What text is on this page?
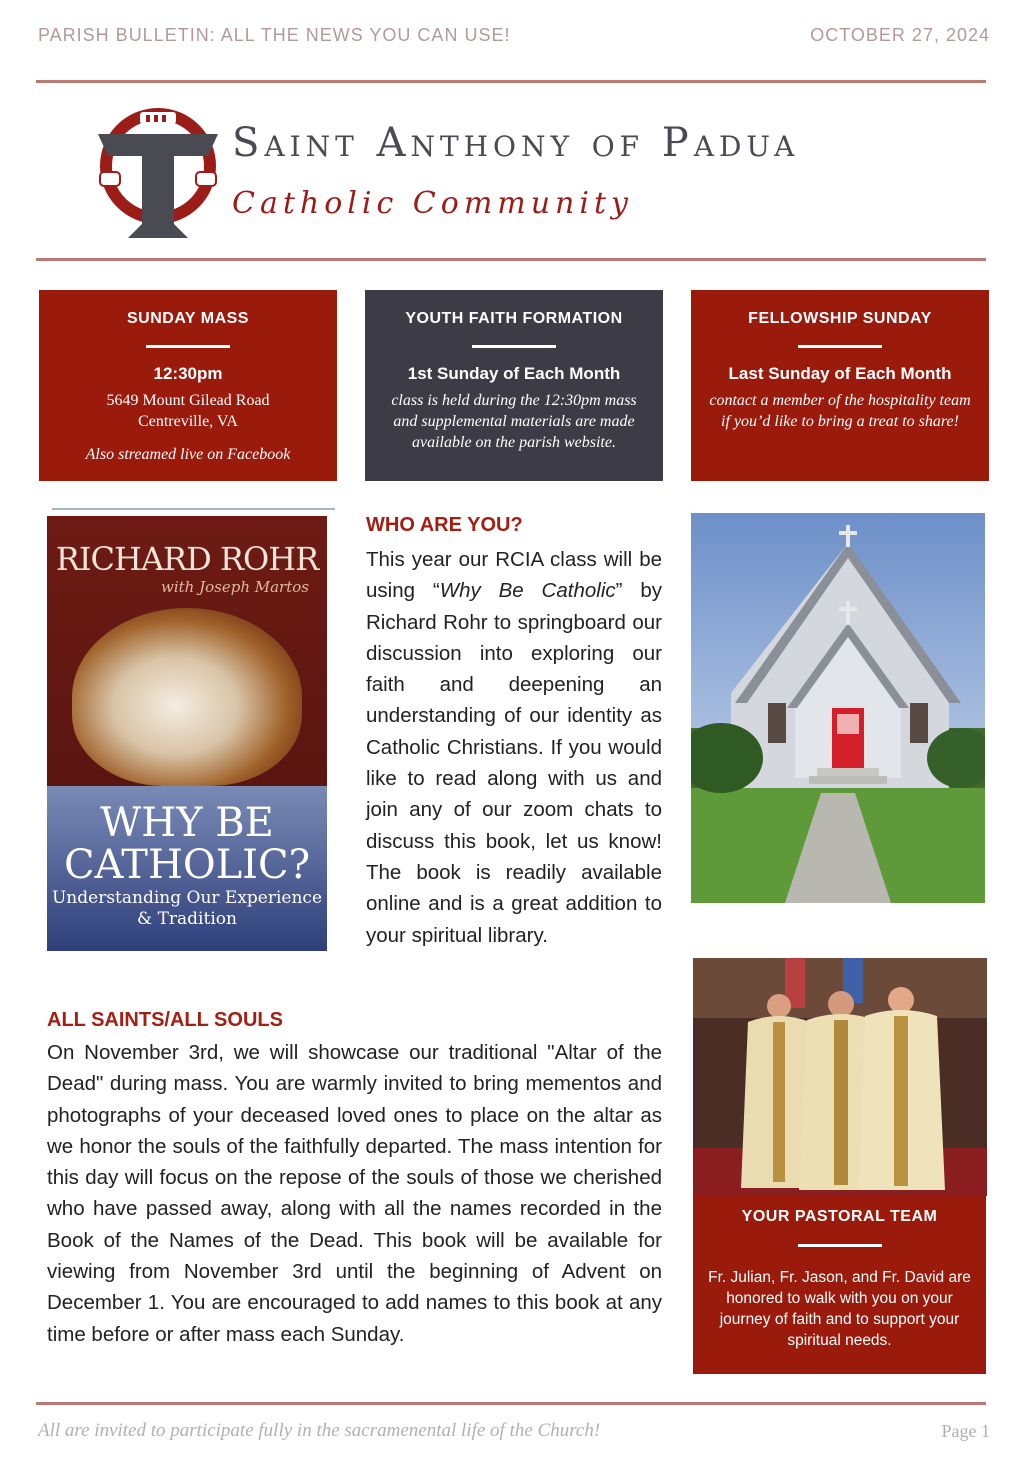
PARISH BULLETIN: ALL THE NEWS YOU CAN USE!	OCTOBER 27, 2024
Saint Anthony of Padua
Catholic Community
SUNDAY MASS
12:30pm
5649 Mount Gilead Road
Centreville, VA
Also streamed live on Facebook
YOUTH FAITH FORMATION
1st Sunday of Each Month
class is held during the 12:30pm mass and supplemental materials are made available on the parish website.
FELLOWSHIP SUNDAY
Last Sunday of Each Month
contact a member of the hospitality team if you’d like to bring a treat to share!
RICHARD ROHR
with Joseph Martos
WHY BE CATHOLIC?
Understanding Our Experience & Tradition
WHO ARE YOU?
This year our RCIA class will be using “Why Be Catholic” by Richard Rohr to springboard our discussion into exploring our faith and deepening an understanding of our identity as Catholic Christians. If you would like to read along with us and join any of our zoom chats to discuss this book, let us know! The book is readily available online and is a great addition to your spiritual library.
ALL SAINTS/ALL SOULS
On November 3rd, we will showcase our traditional "Altar of the Dead" during mass. You are warmly invited to bring mementos and photographs of your deceased loved ones to place on the altar as we honor the souls of the faithfully departed. The mass intention for this day will focus on the repose of the souls of those we cherished who have passed away, along with all the names recorded in the Book of the Names of the Dead. This book will be available for viewing from November 3rd until the beginning of Advent on December 1. You are encouraged to add names to this book at any time before or after mass each Sunday.
YOUR PASTORAL TEAM
Fr. Julian, Fr. Jason, and Fr. David are honored to walk with you on your journey of faith and to support your spiritual needs.
All are invited to participate fully in the sacramenental life of the Church!	Page 1
